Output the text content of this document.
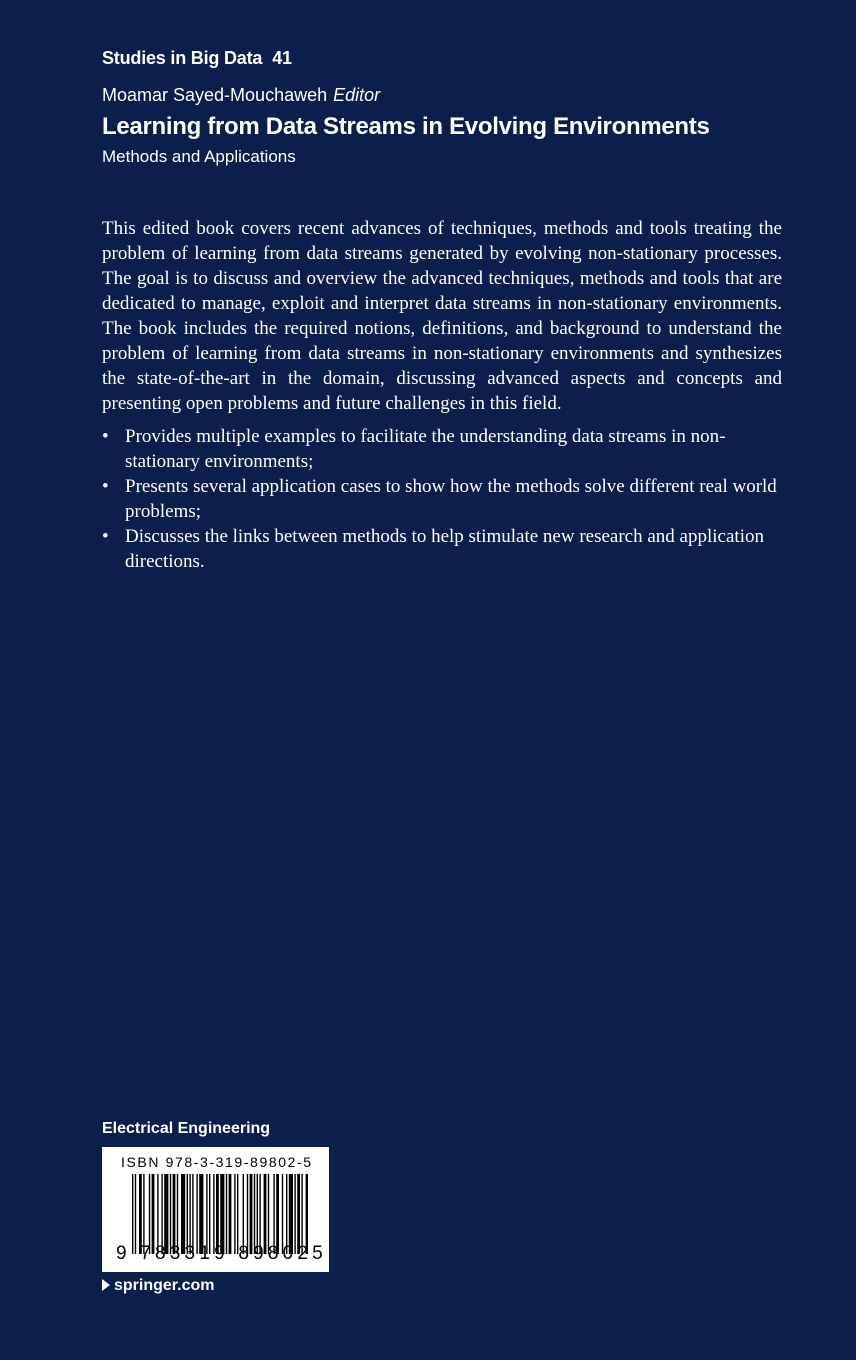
Studies in Big Data 41
Moamar Sayed-Mouchaweh Editor
Learning from Data Streams in Evolving Environments
Methods and Applications

This edited book covers recent advances of techniques, methods and tools treating the problem of learning from data streams generated by evolving non-stationary processes. The goal is to discuss and overview the advanced techniques, methods and tools that are dedicated to manage, exploit and interpret data streams in non-stationary environments. The book includes the required notions, definitions, and background to understand the problem of learning from data streams in non-stationary environments and synthesizes the state-of-the-art in the domain, discussing advanced aspects and concepts and presenting open problems and future challenges in this field.

• Provides multiple examples to facilitate the understanding data streams in non-stationary environments;
• Presents several application cases to show how the methods solve different real world problems;
• Discusses the links between methods to help stimulate new research and application directions.
Electrical Engineering
ISBN 978-3-319-89802-5
9 783319 898025
springer.com
